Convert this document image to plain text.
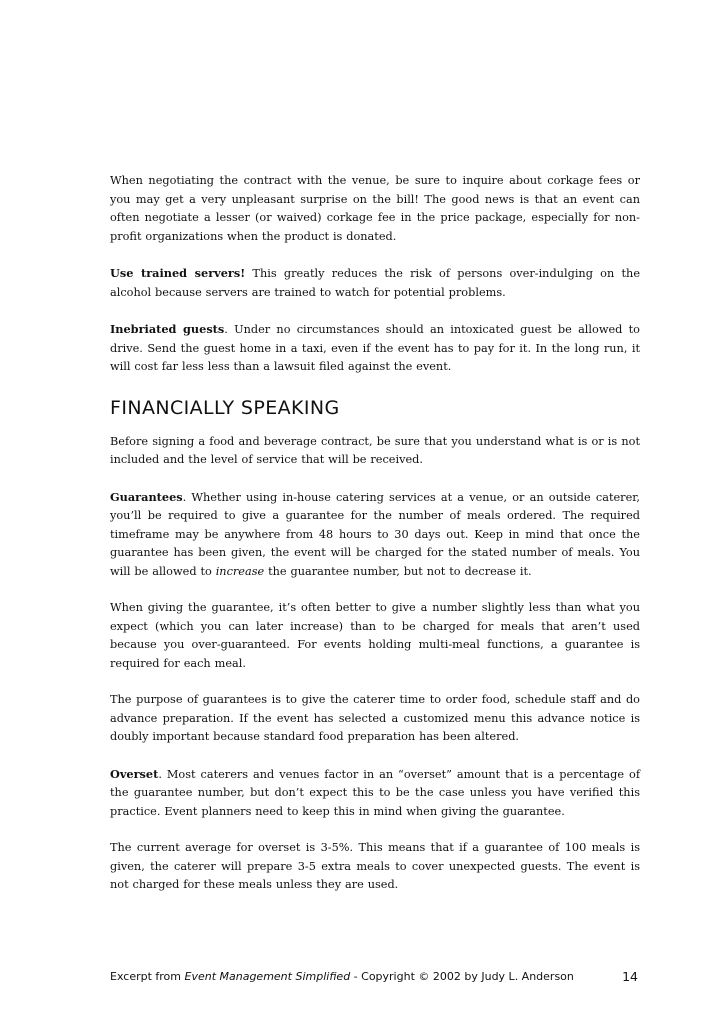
When negotiating the contract with the venue, be sure to inquire about corkage fees or you may get a very unpleasant surprise on the bill! The good news is that an event can often negotiate a lesser (or waived) corkage fee in the price package, especially for non-profit organizations when the product is donated.

Use trained servers! This greatly reduces the risk of persons over-indulging on the alcohol because servers are trained to watch for potential problems.

Inebriated guests. Under no circumstances should an intoxicated guest be allowed to drive. Send the guest home in a taxi, even if the event has to pay for it. In the long run, it will cost far less less than a lawsuit filed against the event.

FINANCIALLY SPEAKING

Before signing a food and beverage contract, be sure that you understand what is or is not included and the level of service that will be received.

Guarantees. Whether using in-house catering services at a venue, or an outside caterer, you’ll be required to give a guarantee for the number of meals ordered. The required timeframe may be anywhere from 48 hours to 30 days out. Keep in mind that once the guarantee has been given, the event will be charged for the stated number of meals. You will be allowed to increase the guarantee number, but not to decrease it.

When giving the guarantee, it’s often better to give a number slightly less than what you expect (which you can later increase) than to be charged for meals that aren’t used because you over-guaranteed. For events holding multi-meal functions, a guarantee is required for each meal.

The purpose of guarantees is to give the caterer time to order food, schedule staff and do advance preparation. If the event has selected a customized menu this advance notice is doubly important because standard food preparation has been altered.

Overset. Most caterers and venues factor in an “overset” amount that is a percentage of the guarantee number, but don’t expect this to be the case unless you have verified this practice. Event planners need to keep this in mind when giving the guarantee.

The current average for overset is 3-5%. This means that if a guarantee of 100 meals is given, the caterer will prepare 3-5 extra meals to cover unexpected guests. The event is not charged for these meals unless they are used.

Excerpt from Event Management Simplified - Copyright © 2002 by Judy L. Anderson	14
